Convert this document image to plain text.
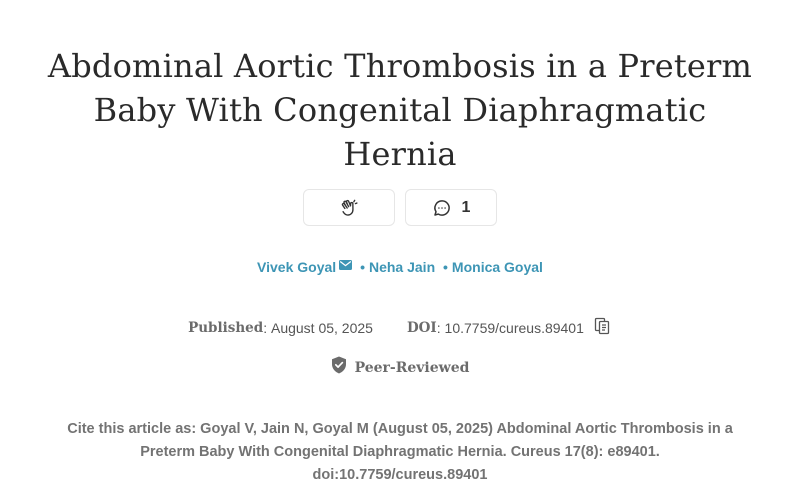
Abdominal Aortic Thrombosis in a Preterm Baby With Congenital Diaphragmatic Hernia
1
Vivek Goyal • Neha Jain • Monica Goyal
Published :
August 05, 2025	DOI :
10.7759/cureus.89401
Peer-Reviewed
Cite this article as: Goyal V, Jain N, Goyal M (August 05, 2025) Abdominal Aortic Thrombosis in a Preterm Baby With Congenital Diaphragmatic Hernia. Cureus 17(8): e89401. doi:10.7759/cureus.89401
